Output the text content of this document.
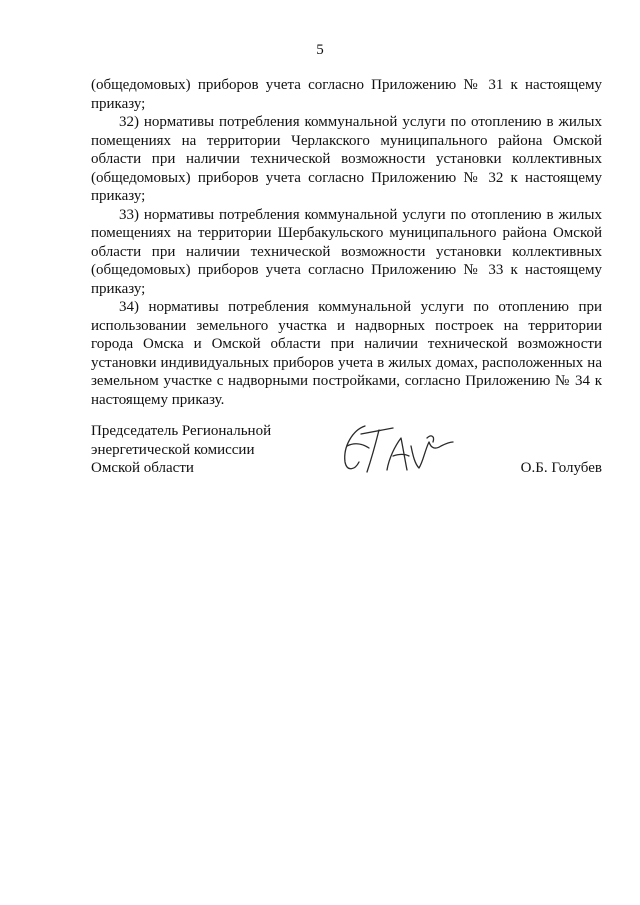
5

(общедомовых) приборов учета согласно Приложению № 31 к настоящему приказу;

32) нормативы потребления коммунальной услуги по отоплению в жилых помещениях на территории Черлакского муниципального района Омской области при наличии технической возможности установки коллективных (общедомовых) приборов учета согласно Приложению № 32 к настоящему приказу;

33) нормативы потребления коммунальной услуги по отоплению в жилых помещениях на территории Шербакульского муниципального района Омской области при наличии технической возможности установки коллективных (общедомовых) приборов учета согласно Приложению № 33 к настоящему приказу;

34) нормативы потребления коммунальной услуги по отоплению при использовании земельного участка и надворных построек на территории города Омска и Омской области при наличии технической возможности установки индивидуальных приборов учета в жилых домах, расположенных на земельном участке с надворными постройками, согласно Приложению № 34 к настоящему приказу.

Председатель Региональной
энергетической комиссии
Омской области	О.Б. Голубев
